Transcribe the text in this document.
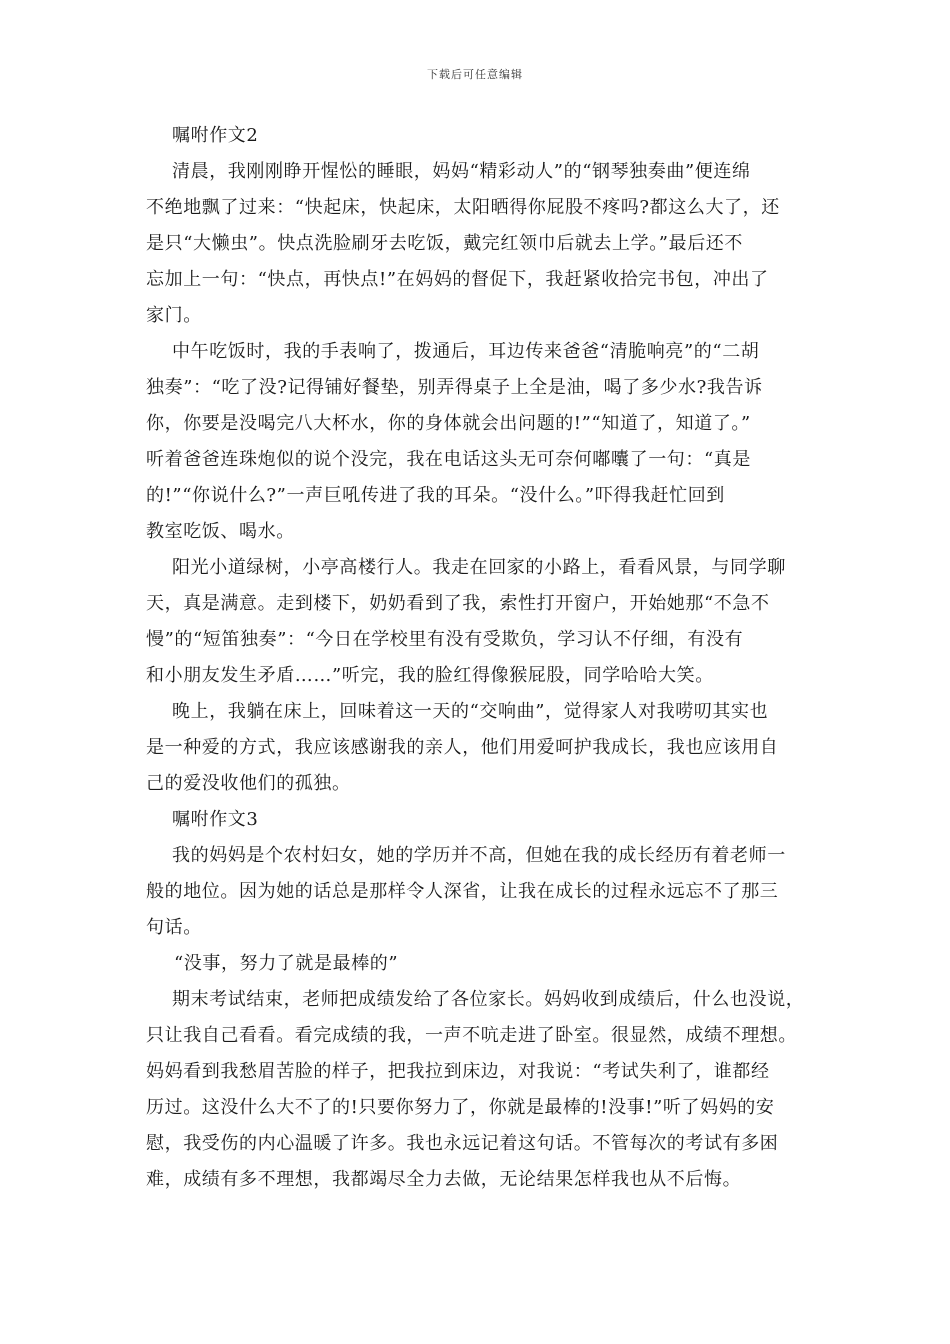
下载后可任意编辑
嘱咐作文2
清晨，我刚刚睁开惺忪的睡眼，妈妈“精彩动人”的“钢琴独奏曲”便连绵
不绝地飘了过来：“快起床，快起床，太阳晒得你屁股不疼吗?都这么大了，还
是只“大懒虫”。快点洗脸刷牙去吃饭，戴完红领巾后就去上学。”最后还不
忘加上一句：“快点，再快点!”在妈妈的督促下，我赶紧收拾完书包，冲出了
家门。
中午吃饭时，我的手表响了，拨通后，耳边传来爸爸“清脆响亮”的“二胡
独奏”：“吃了没?记得铺好餐垫，别弄得桌子上全是油，喝了多少水?我告诉
你，你要是没喝完八大杯水，你的身体就会出问题的!”“知道了，知道了。”
听着爸爸连珠炮似的说个没完，我在电话这头无可奈何嘟囔了一句：“真是
的!”“你说什么?”一声巨吼传进了我的耳朵。“没什么。”吓得我赶忙回到
教室吃饭、喝水。
阳光小道绿树，小亭高楼行人。我走在回家的小路上，看看风景，与同学聊
天，真是满意。走到楼下，奶奶看到了我，索性打开窗户，开始她那“不急不
慢”的“短笛独奏”：“今日在学校里有没有受欺负，学习认不仔细，有没有
和小朋友发生矛盾……”听完，我的脸红得像猴屁股，同学哈哈大笑。
晚上，我躺在床上，回味着这一天的“交响曲”，觉得家人对我唠叨其实也
是一种爱的方式，我应该感谢我的亲人，他们用爱呵护我成长，我也应该用自
己的爱没收他们的孤独。
嘱咐作文3
我的妈妈是个农村妇女，她的学历并不高，但她在我的成长经历有着老师一
般的地位。因为她的话总是那样令人深省，让我在成长的过程永远忘不了那三
句话。
“没事，努力了就是最棒的”
期末考试结束，老师把成绩发给了各位家长。妈妈收到成绩后，什么也没说，
只让我自己看看。看完成绩的我，一声不吭走进了卧室。很显然，成绩不理想。
妈妈看到我愁眉苦脸的样子，把我拉到床边，对我说：“考试失利了，谁都经
历过。这没什么大不了的!只要你努力了，你就是最棒的!没事!”听了妈妈的安
慰，我受伤的内心温暖了许多。我也永远记着这句话。不管每次的考试有多困
难，成绩有多不理想，我都竭尽全力去做，无论结果怎样我也从不后悔。
